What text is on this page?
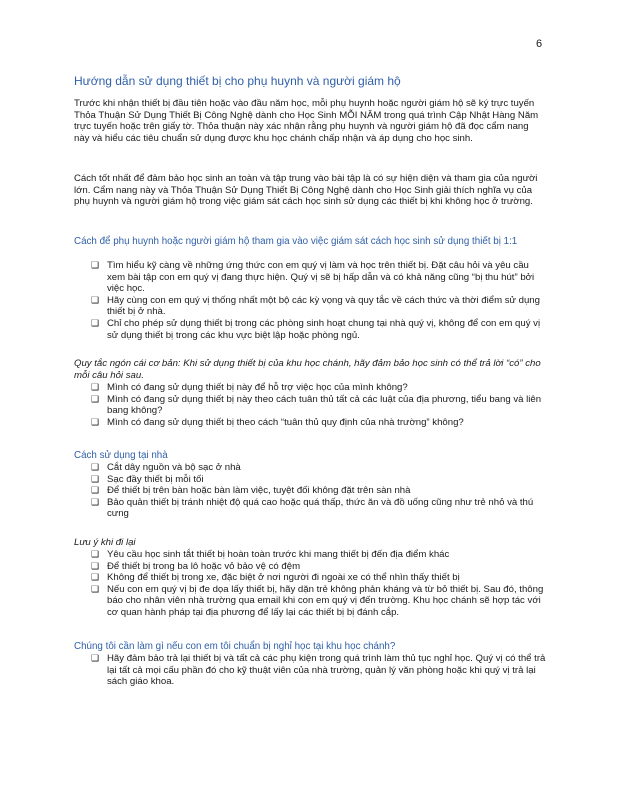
6
Hướng dẫn sử dụng thiết bị cho phụ huynh và người giám hộ

Trước khi nhận thiết bị đầu tiên hoặc vào đầu năm học, mỗi phụ huynh hoặc người giám hộ sẽ ký trực tuyến Thỏa Thuận Sử Dụng Thiết Bị Công Nghệ dành cho Học Sinh MỖI NĂM trong quá trình Cập Nhật Hàng Năm trực tuyến hoặc trên giấy tờ. Thỏa thuận này xác nhận rằng phụ huynh và người giám hộ đã đọc cẩm nang này và hiểu các tiêu chuẩn sử dụng được khu học chánh chấp nhận và áp dụng cho học sinh.

Cách tốt nhất để đảm bảo học sinh an toàn và tập trung vào bài tập là có sự hiện diện và tham gia của người lớn. Cẩm nang này và Thỏa Thuận Sử Dụng Thiết Bị Công Nghệ dành cho Học Sinh giải thích nghĩa vụ của phụ huynh và người giám hộ trong việc giám sát cách học sinh sử dụng các thiết bị khi không học ở trường.

Cách để phụ huynh hoặc người giám hộ tham gia vào việc giám sát cách học sinh sử dụng thiết bị 1:1

❑ Tìm hiểu kỹ càng về những ứng thức con em quý vị làm và học trên thiết bị. Đặt câu hỏi và yêu cầu xem bài tập con em quý vị đang thực hiện. Quý vị sẽ bị hấp dẫn và có khả năng cũng “bị thu hút” bởi việc học.
❑ Hãy cùng con em quý vị thống nhất một bộ các kỳ vọng và quy tắc về cách thức và thời điểm sử dụng thiết bị ở nhà.
❑ Chỉ cho phép sử dụng thiết bị trong các phòng sinh hoạt chung tại nhà quý vị, không để con em quý vị sử dụng thiết bị trong các khu vực biệt lập hoặc phòng ngủ.

Quy tắc ngón cái cơ bản: Khi sử dụng thiết bị của khu học chánh, hãy đảm bảo học sinh có thể trả lời “có” cho mỗi câu hỏi sau.

❑ Mình có đang sử dụng thiết bị này để hỗ trợ việc học của mình không?
❑ Mình có đang sử dụng thiết bị này theo cách tuân thủ tất cả các luật của địa phương, tiểu bang và liên bang không?
❑ Mình có đang sử dụng thiết bị theo cách “tuân thủ quy định của nhà trường” không?

Cách sử dụng tại nhà

❑ Cắt dây nguồn và bộ sạc ở nhà
❑ Sạc đầy thiết bị mỗi tối
❑ Để thiết bị trên bàn hoặc bàn làm việc, tuyệt đối không đặt trên sàn nhà
❑ Bảo quản thiết bị tránh nhiệt độ quá cao hoặc quá thấp, thức ăn và đồ uống cũng như trẻ nhỏ và thú cưng

Lưu ý khi đi lại

❑ Yêu cầu học sinh tắt thiết bị hoàn toàn trước khi mang thiết bị đến địa điểm khác
❑ Để thiết bị trong ba lô hoặc vỏ bảo vệ có đệm
❑ Không để thiết bị trong xe, đặc biệt ở nơi người đi ngoài xe có thể nhìn thấy thiết bị
❑ Nếu con em quý vị bị đe dọa lấy thiết bị, hãy dặn trẻ không phản kháng và từ bỏ thiết bị. Sau đó, thông báo cho nhân viên nhà trường qua email khi con em quý vị đến trường. Khu học chánh sẽ hợp tác với cơ quan hành pháp tại địa phương để lấy lại các thiết bị bị đánh cắp.

Chúng tôi cần làm gì nếu con em tôi chuẩn bị nghỉ học tại khu học chánh?

❑ Hãy đảm bảo trả lại thiết bị và tất cả các phụ kiện trong quá trình làm thủ tục nghỉ học. Quý vị có thể trả lại tất cả mọi cấu phần đó cho kỹ thuật viên của nhà trường, quản lý văn phòng hoặc khi quý vị trả lại sách giáo khoa.
